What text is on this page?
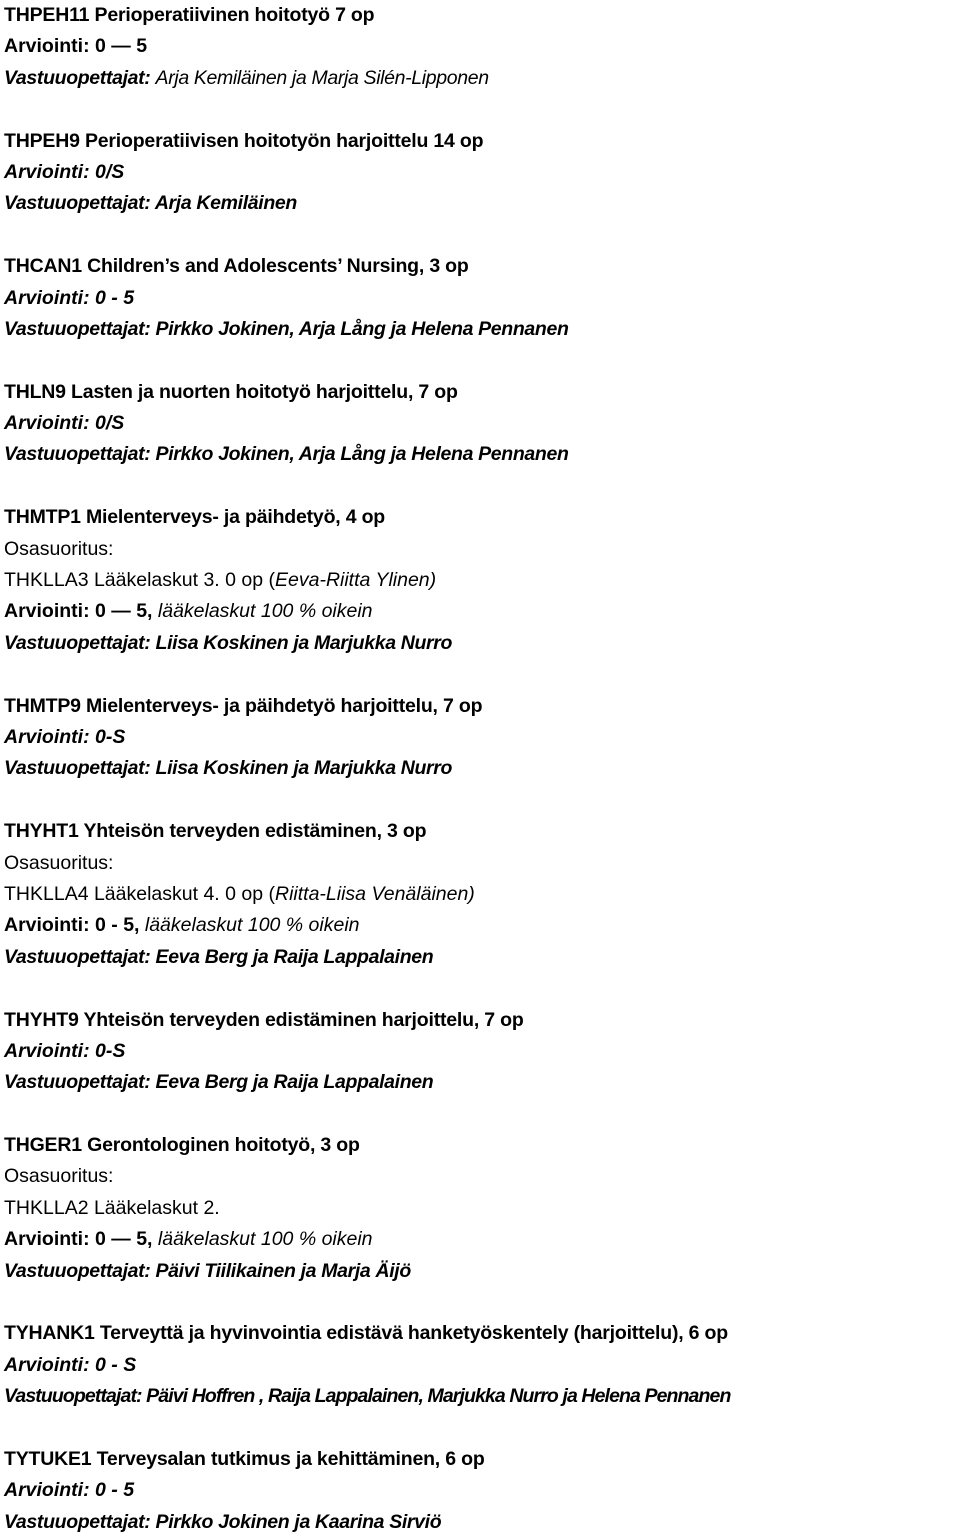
THPEH11 Perioperatiivinen hoitotyö 7 op
Arviointi: 0 — 5
Vastuuopettajat: Arja Kemiläinen ja Marja Silén-Lipponen
THPEH9 Perioperatiivisen hoitotyön harjoittelu 14 op
Arviointi: 0/S
Vastuuopettajat: Arja Kemiläinen
THCAN1 Children’s and Adolescents’ Nursing, 3 op
Arviointi: 0 - 5
Vastuuopettajat: Pirkko Jokinen, Arja Lång ja Helena Pennanen
THLN9 Lasten ja nuorten hoitotyö harjoittelu, 7 op
Arviointi: 0/S
Vastuuopettajat: Pirkko Jokinen, Arja Lång ja Helena Pennanen
THMTP1 Mielenterveys- ja päihdetyö, 4 op
Osasuoritus:
THKLLA3 Lääkelaskut 3. 0 op (Eeva-Riitta Ylinen)
Arviointi: 0 — 5, lääkelaskut 100 % oikein
Vastuuopettajat: Liisa Koskinen ja Marjukka Nurro
THMTP9 Mielenterveys- ja päihdetyö harjoittelu, 7 op
Arviointi: 0-S
Vastuuopettajat: Liisa Koskinen ja Marjukka Nurro
THYHT1 Yhteisön terveyden edistäminen, 3 op
Osasuoritus:
THKLLA4 Lääkelaskut 4. 0 op (Riitta-Liisa Venäläinen)
Arviointi: 0 - 5, lääkelaskut 100 % oikein
Vastuuopettajat: Eeva Berg ja Raija Lappalainen
THYHT9 Yhteisön terveyden edistäminen harjoittelu, 7 op
Arviointi: 0-S
Vastuuopettajat: Eeva Berg ja Raija Lappalainen
THGER1 Gerontologinen hoitotyö, 3 op
Osasuoritus:
THKLLA2 Lääkelaskut 2.
Arviointi: 0 — 5, lääkelaskut 100 % oikein
Vastuuopettajat: Päivi Tiilikainen ja Marja Äijö
TYHANK1 Terveyttä ja hyvinvointia edistävä hanketyöskentely (harjoittelu), 6 op
Arviointi: 0 - S
Vastuuopettajat: Päivi Hoffren , Raija Lappalainen, Marjukka Nurro ja Helena Pennanen
TYTUKE1 Terveysalan tutkimus ja kehittäminen, 6 op
Arviointi: 0 - 5
Vastuuopettajat: Pirkko Jokinen ja Kaarina Sirviö
